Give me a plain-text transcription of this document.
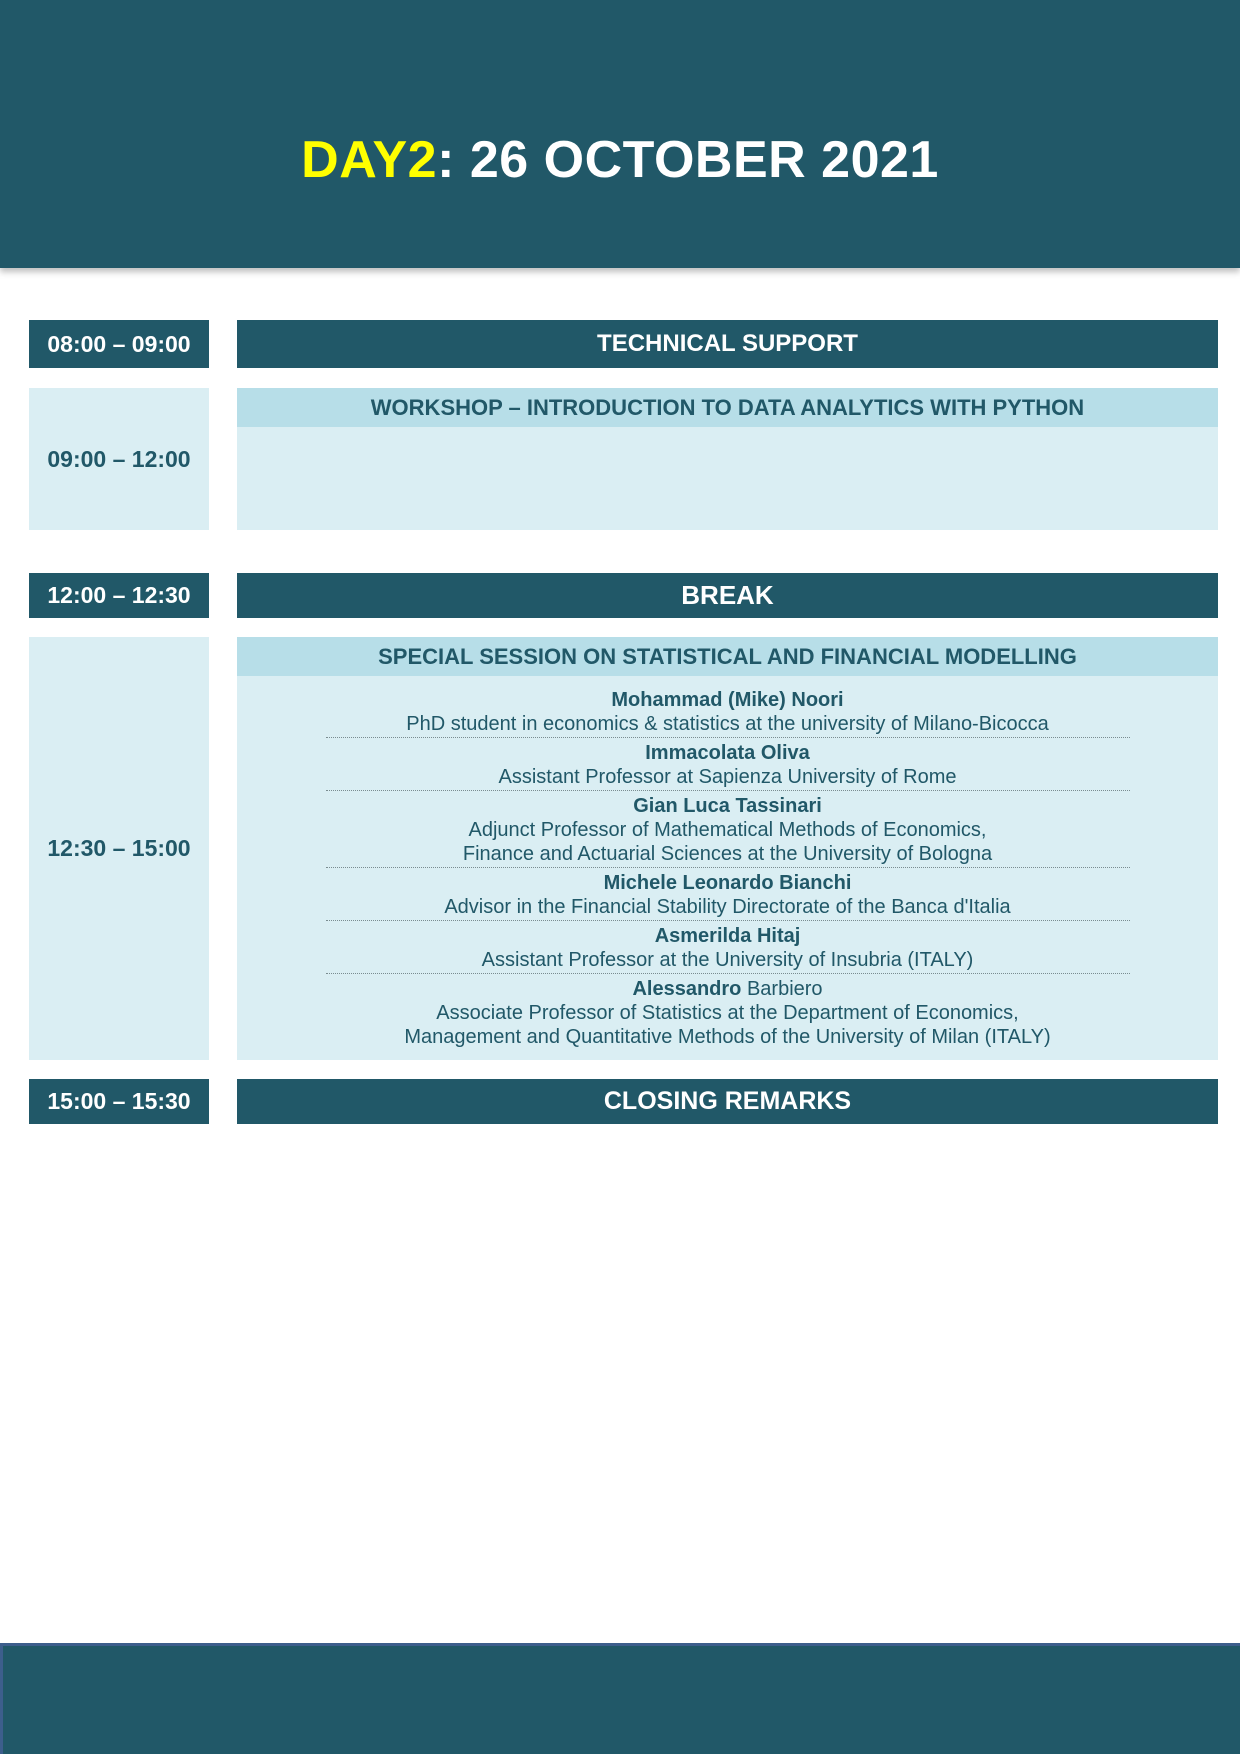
DAY2: 26 OCTOBER 2021
08:00 – 09:00	TECHNICAL SUPPORT
09:00 – 12:00
WORKSHOP – INTRODUCTION TO DATA ANALYTICS WITH PYTHON
12:00 – 12:30	BREAK
12:30 – 15:00
SPECIAL SESSION ON STATISTICAL AND FINANCIAL MODELLING
Mohammad (Mike) Noori
PhD student in economics & statistics at the university of Milano-Bicocca
Immacolata Oliva
Assistant Professor at Sapienza University of Rome
Gian Luca Tassinari
Adjunct Professor of Mathematical Methods of Economics,
Finance and Actuarial Sciences at the University of Bologna
Michele Leonardo Bianchi
Advisor in the Financial Stability Directorate of the Banca d'Italia
Asmerilda Hitaj
Assistant Professor at the University of Insubria (ITALY)
Alessandro Barbiero
Associate Professor of Statistics at the Department of Economics,
Management and Quantitative Methods of the University of Milan (ITALY)
15:00 – 15:30	CLOSING REMARKS
